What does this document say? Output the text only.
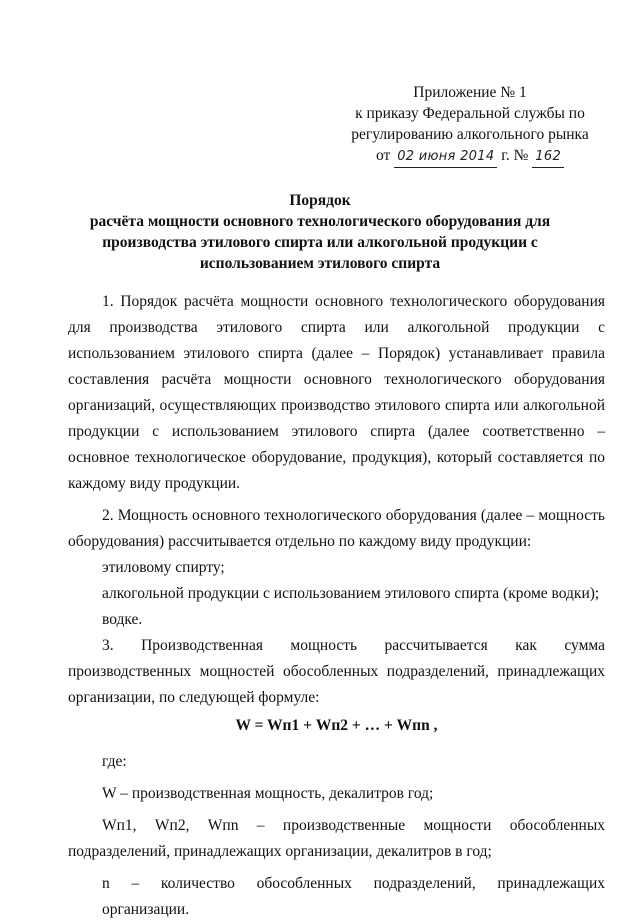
Приложение № 1
к приказу Федеральной службы по
регулированию алкогольного рынка
от 02 июня 2014 г. № 162
Порядок
расчёта мощности основного технологического оборудования для
производства этилового спирта или алкогольной продукции с
использованием этилового спирта

1. Порядок расчёта мощности основного технологического оборудования для производства этилового спирта или алкогольной продукции с использованием этилового спирта (далее – Порядок) устанавливает правила составления расчёта мощности основного технологического оборудования организаций, осуществляющих производство этилового спирта или алкогольной продукции с использованием этилового спирта (далее соответственно – основное технологическое оборудование, продукция), который составляется по каждому виду продукции.

2. Мощность основного технологического оборудования (далее – мощность оборудования) рассчитывается отдельно по каждому виду продукции:

этиловому спирту;

алкогольной продукции с использованием этилового спирта (кроме водки);

водке.

3. Производственная мощность рассчитывается как сумма производственных мощностей обособленных подразделений, принадлежащих организации, по следующей формуле:

W = Wп1 + Wп2 + … + Wпn ,

где:

W – производственная мощность, декалитров год;

Wп1, Wп2, Wпn – производственные мощности обособленных подразделений, принадлежащих организации, декалитров в год;

n – количество обособленных подразделений, принадлежащих организации.
